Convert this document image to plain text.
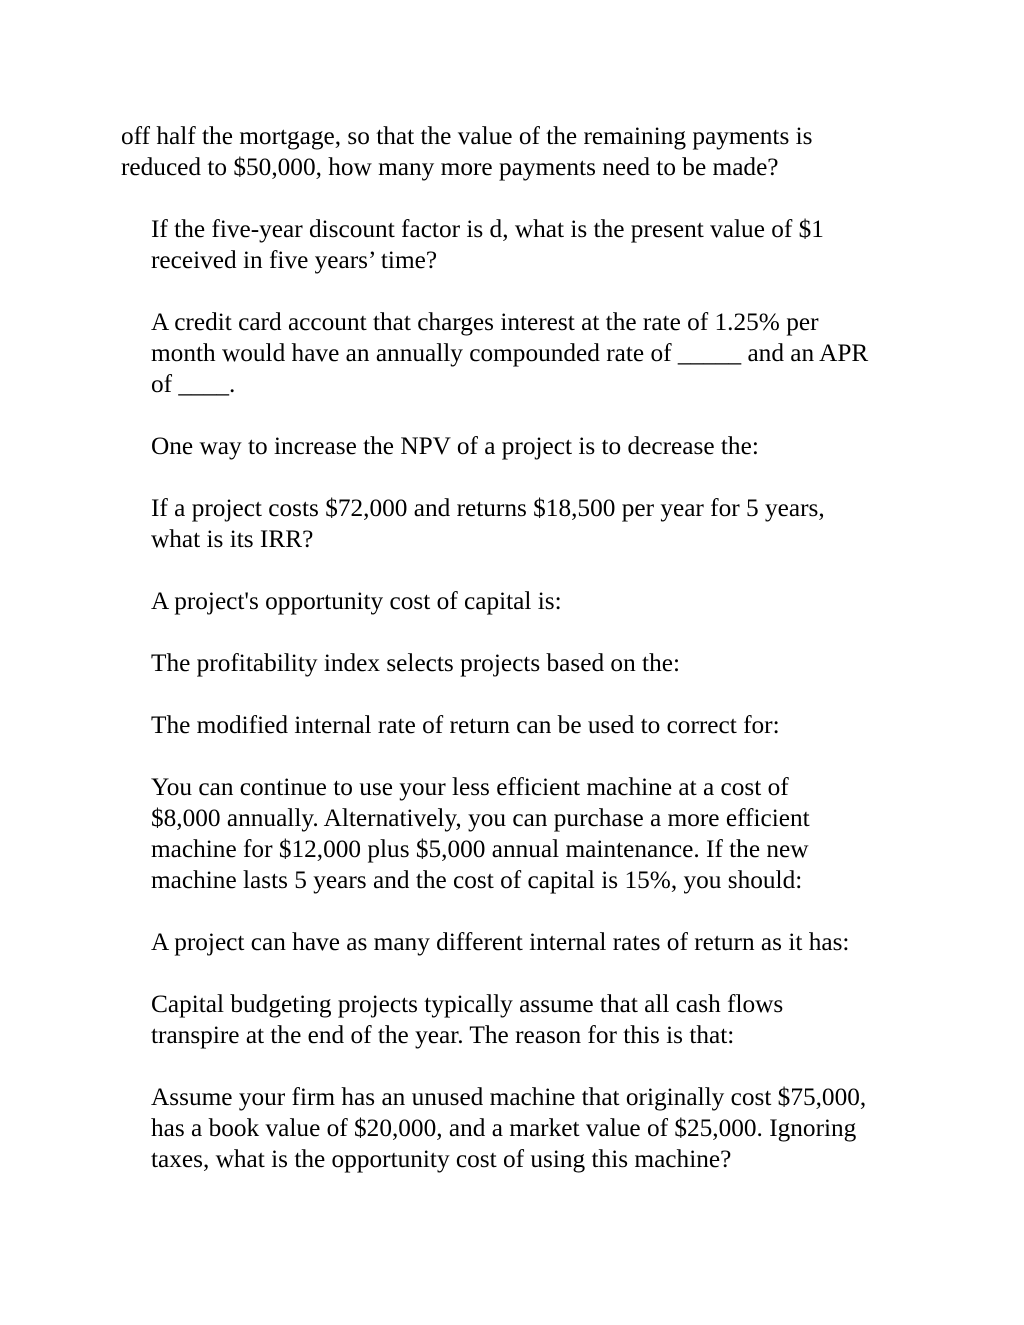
off half the mortgage, so that the value of the remaining payments is
reduced to $50,000, how many more payments need to be made?

If the five-year discount factor is d, what is the present value of $1
received in five years’ time?

A credit card account that charges interest at the rate of 1.25% per
month would have an annually compounded rate of _____ and an APR
of ____.

One way to increase the NPV of a project is to decrease the:

If a project costs $72,000 and returns $18,500 per year for 5 years,
what is its IRR?

A project's opportunity cost of capital is:

The profitability index selects projects based on the:

The modified internal rate of return can be used to correct for:

You can continue to use your less efficient machine at a cost of
$8,000 annually. Alternatively, you can purchase a more efficient
machine for $12,000 plus $5,000 annual maintenance. If the new
machine lasts 5 years and the cost of capital is 15%, you should:

A project can have as many different internal rates of return as it has:

Capital budgeting projects typically assume that all cash flows
transpire at the end of the year. The reason for this is that:

Assume your firm has an unused machine that originally cost $75,000,
has a book value of $20,000, and a market value of $25,000. Ignoring
taxes, what is the opportunity cost of using this machine?
